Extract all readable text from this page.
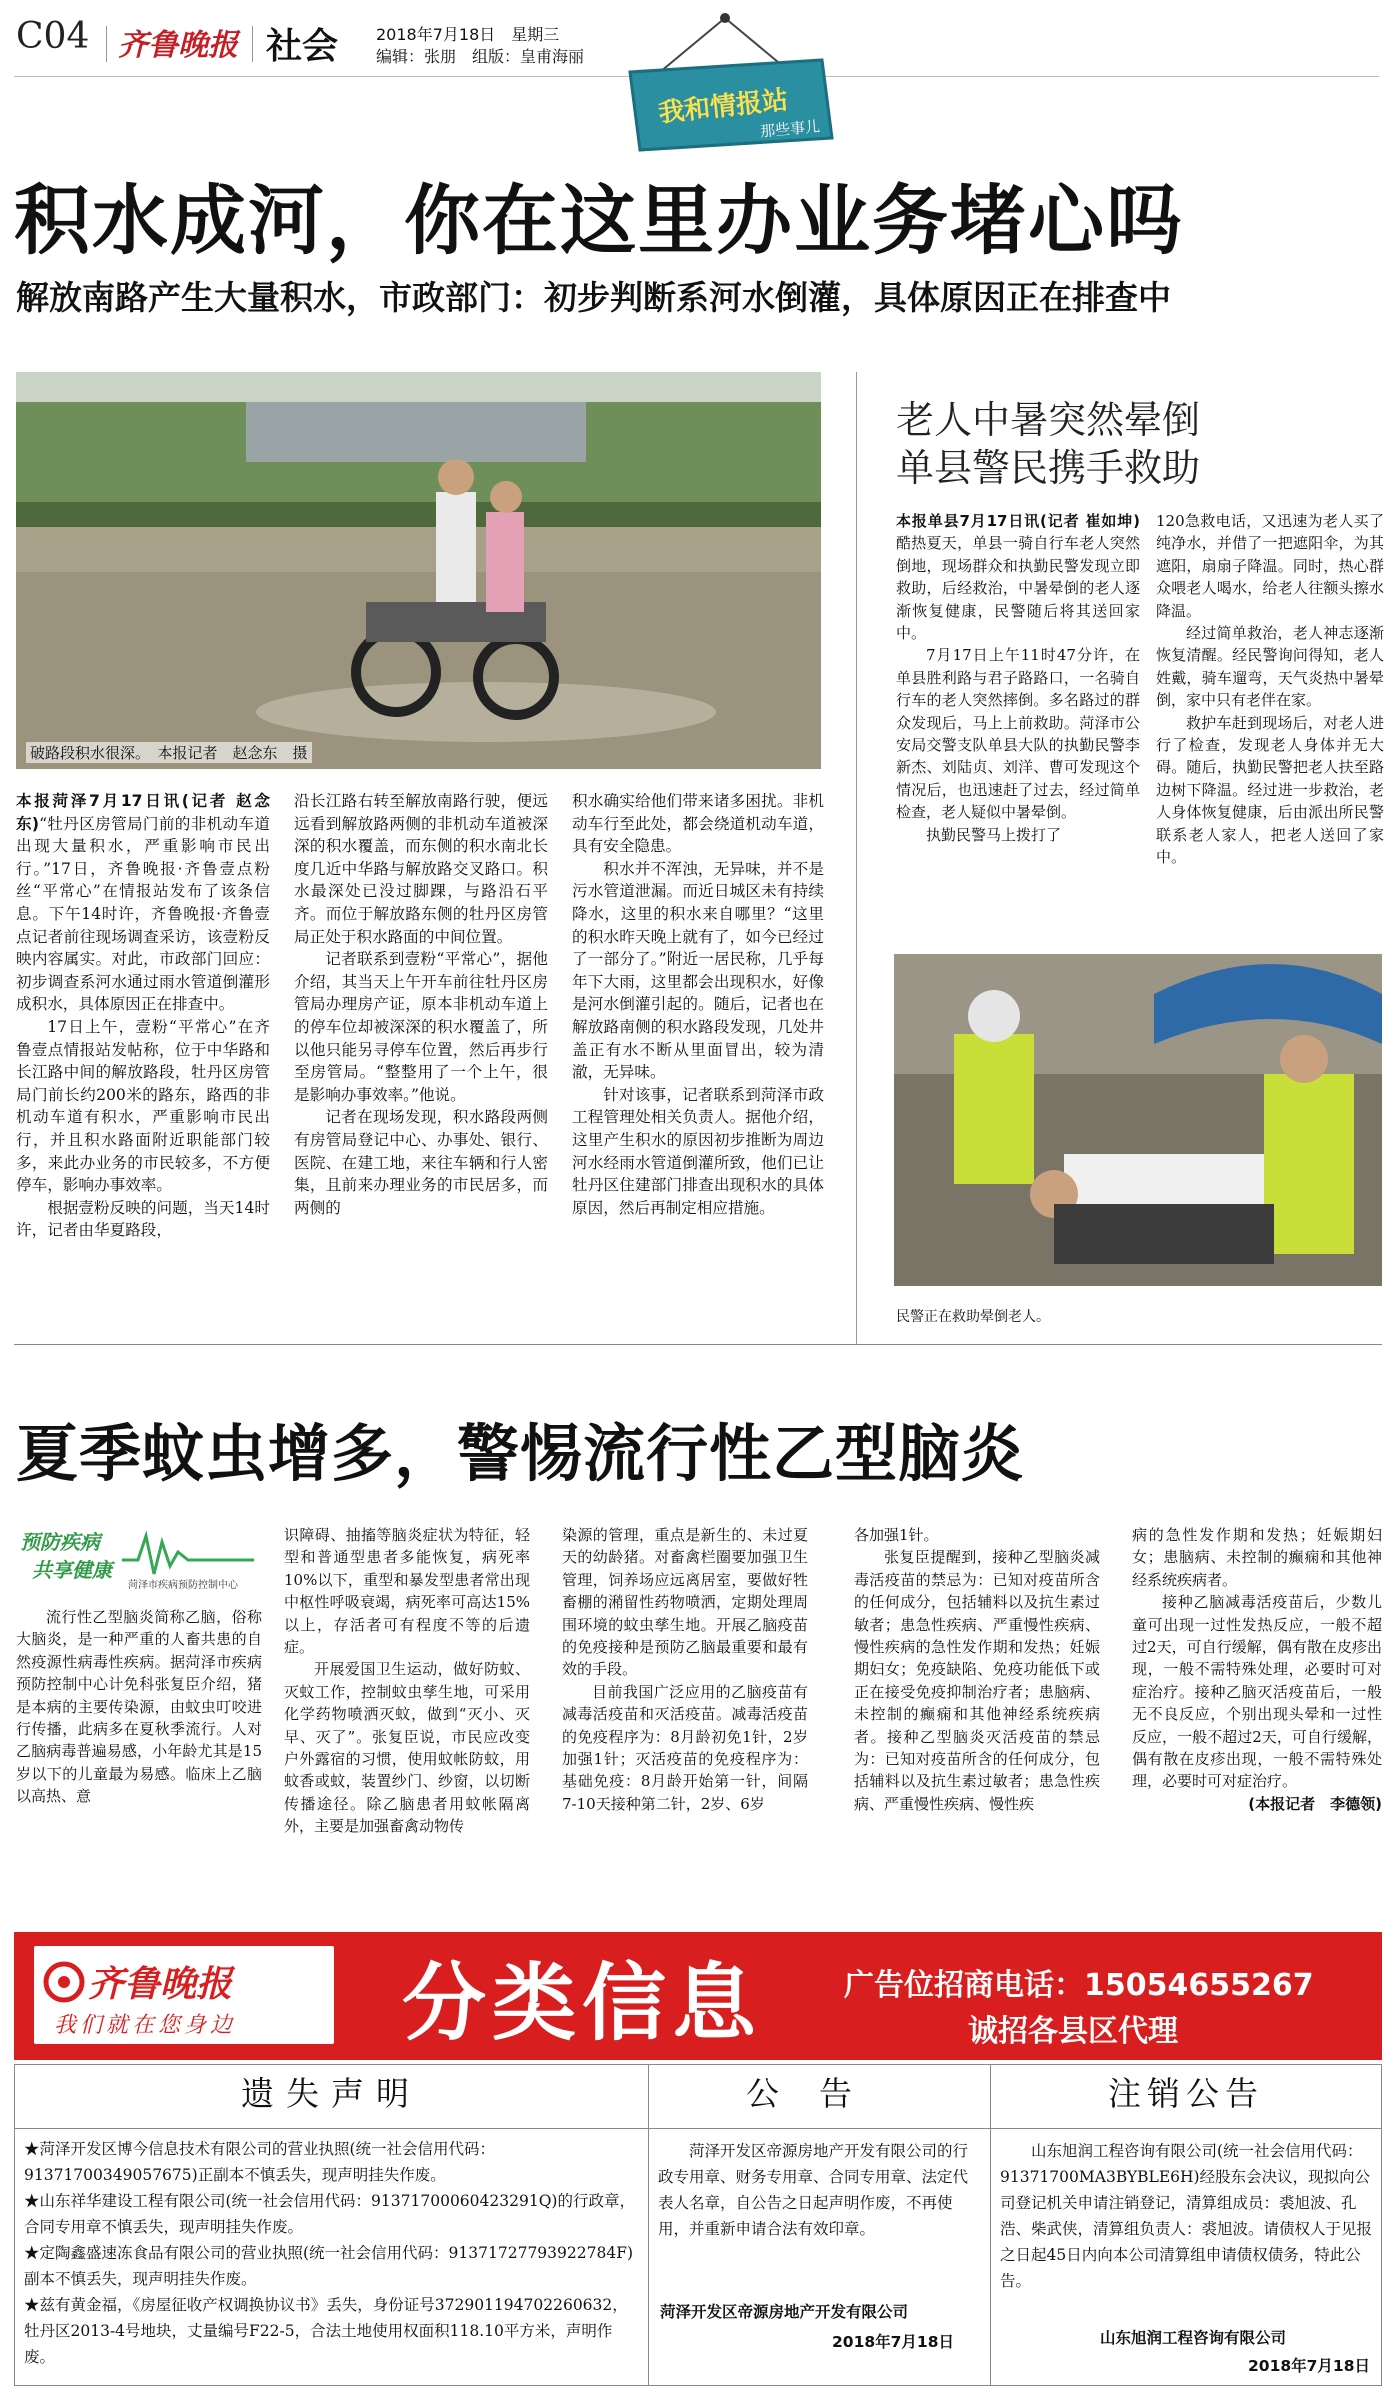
C04 齐鲁晚报 社会 2018年7月18日　星期三
编辑：张朋　组版：皇甫海丽
我和情报站
那些事儿
积水成河，你在这里办业务堵心吗
解放南路产生大量积水，市政部门：初步判断系河水倒灌，具体原因正在排查中
破路段积水很深。　本报记者　赵念东　摄

本报菏泽7月17日讯(记者 赵念东)“牡丹区房管局门前的非机动车道出现大量积水，严重影响市民出行。”17日，齐鲁晚报·齐鲁壹点粉丝“平常心”在情报站发布了该条信息。下午14时许，齐鲁晚报·齐鲁壹点记者前往现场调查采访，该壹粉反映内容属实。对此，市政部门回应：初步调查系河水通过雨水管道倒灌形成积水，具体原因正在排查中。

17日上午，壹粉“平常心”在齐鲁壹点情报站发帖称，位于中华路和长江路中间的解放路段，牡丹区房管局门前长约200米的路东，路西的非机动车道有积水，严重影响市民出行，并且积水路面附近职能部门较多，来此办业务的市民较多，不方便停车，影响办事效率。

根据壹粉反映的问题，当天14时许，记者由华夏路段，

沿长江路右转至解放南路行驶，便远远看到解放路两侧的非机动车道被深深的积水覆盖，而东侧的积水南北长度几近中华路与解放路交叉路口。积水最深处已没过脚踝，与路沿石平齐。而位于解放路东侧的牡丹区房管局正处于积水路面的中间位置。

记者联系到壹粉“平常心”，据他介绍，其当天上午开车前往牡丹区房管局办理房产证，原本非机动车道上的停车位却被深深的积水覆盖了，所以他只能另寻停车位置，然后再步行至房管局。“整整用了一个上午，很是影响办事效率。”他说。

记者在现场发现，积水路段两侧有房管局登记中心、办事处、银行、医院、在建工地，来往车辆和行人密集，且前来办理业务的市民居多，而两侧的

积水确实给他们带来诸多困扰。非机动车行至此处，都会绕道机动车道，具有安全隐患。

积水并不浑浊，无异味，并不是污水管道泄漏。而近日城区未有持续降水，这里的积水来自哪里？“这里的积水昨天晚上就有了，如今已经过了一部分了。”附近一居民称，几乎每年下大雨，这里都会出现积水，好像是河水倒灌引起的。随后，记者也在解放路南侧的积水路段发现，几处井盖正有水不断从里面冒出，较为清澈，无异味。

针对该事，记者联系到菏泽市政工程管理处相关负责人。据他介绍，这里产生积水的原因初步推断为周边河水经雨水管道倒灌所致，他们已让牡丹区住建部门排查出现积水的具体原因，然后再制定相应措施。

老人中暑突然晕倒
单县警民携手救助

本报单县7月17日讯(记者 崔如坤)酷热夏天，单县一骑自行车老人突然倒地，现场群众和执勤民警发现立即救助，后经救治，中暑晕倒的老人逐渐恢复健康，民警随后将其送回家中。

7月17日上午11时47分许，在单县胜利路与君子路路口，一名骑自行车的老人突然摔倒。多名路过的群众发现后，马上上前救助。菏泽市公安局交警支队单县大队的执勤民警李新杰、刘陆贞、刘洋、曹可发现这个情况后，也迅速赶了过去，经过简单检查，老人疑似中暑晕倒。

执勤民警马上拨打了

120急救电话，又迅速为老人买了纯净水，并借了一把遮阳伞，为其遮阳，扇扇子降温。同时，热心群众喂老人喝水，给老人往额头擦水降温。

经过简单救治，老人神志逐渐恢复清醒。经民警询问得知，老人姓戴，骑车遛弯，天气炎热中暑晕倒，家中只有老伴在家。

救护车赶到现场后，对老人进行了检查，发现老人身体并无大碍。随后，执勤民警把老人扶至路边树下降温。经过进一步救治，老人身体恢复健康，后由派出所民警联系老人家人，把老人送回了家中。

民警正在救助晕倒老人。
夏季蚊虫增多，警惕流行性乙型脑炎
预防疾病
共享健康
菏泽市疾病预防控制中心

流行性乙型脑炎简称乙脑，俗称大脑炎，是一种严重的人畜共患的自然疫源性病毒性疾病。据菏泽市疾病预防控制中心计免科张复臣介绍，猪是本病的主要传染源，由蚊虫叮咬进行传播，此病多在夏秋季流行。人对乙脑病毒普遍易感，小年龄尤其是15岁以下的儿童最为易感。临床上乙脑以高热、意

识障碍、抽搐等脑炎症状为特征，轻型和普通型患者多能恢复，病死率10%以下，重型和暴发型患者常出现中枢性呼吸衰竭，病死率可高达15%以上，存活者可有程度不等的后遗症。

开展爱国卫生运动，做好防蚊、灭蚊工作，控制蚊虫孳生地，可采用化学药物喷洒灭蚊，做到“灭小、灭早、灭了”。张复臣说，市民应改变户外露宿的习惯，使用蚊帐防蚊，用蚊香或蚊，装置纱门、纱窗，以切断传播途径。除乙脑患者用蚊帐隔离外，主要是加强畜禽动物传

染源的管理，重点是新生的、未过夏天的幼龄猪。对畜禽栏圈要加强卫生管理，饲养场应远离居室，要做好牲畜棚的潲留性药物喷洒，定期处理周围环境的蚊虫孳生地。开展乙脑疫苗的免疫接种是预防乙脑最重要和最有效的手段。

目前我国广泛应用的乙脑疫苗有减毒活疫苗和灭活疫苗。减毒活疫苗的免疫程序为：8月龄初免1针，2岁加强1针；灭活疫苗的免疫程序为：基础免疫：8月龄开始第一针，间隔7-10天接种第二针，2岁、6岁

各加强1针。

张复臣提醒到，接种乙型脑炎减毒活疫苗的禁忌为：已知对疫苗所含的任何成分，包括辅料以及抗生素过敏者；患急性疾病、严重慢性疾病、慢性疾病的急性发作期和发热；妊娠期妇女；免疫缺陷、免疫功能低下或正在接受免疫抑制治疗者；患脑病、未控制的癫痫和其他神经系统疾病者。接种乙型脑炎灭活疫苗的禁忌为：已知对疫苗所含的任何成分，包括辅料以及抗生素过敏者；患急性疾病、严重慢性疾病、慢性疾

病的急性发作期和发热；妊娠期妇女；患脑病、未控制的癫痫和其他神经系统疾病者。

接种乙脑减毒活疫苗后，少数儿童可出现一过性发热反应，一般不超过2天，可自行缓解，偶有散在皮疹出现，一般不需特殊处理，必要时可对症治疗。接种乙脑灭活疫苗后，一般无不良反应，个别出现头晕和一过性反应，一般不超过2天，可自行缓解，偶有散在皮疹出现，一般不需特殊处理，必要时可对症治疗。

(本报记者　李德领)

齐鲁晚报
我们就在您身边 分类信息	广告位招商电话：15054655267
诚招各县区代理
遗失声明

★菏泽开发区博今信息技术有限公司的营业执照(统一社会信用代码：91371700349057675)正副本不慎丢失，现声明挂失作废。

★山东祥华建设工程有限公司(统一社会信用代码：91371700060423291Q)的行政章，合同专用章不慎丢失，现声明挂失作废。

★定陶鑫盛速冻食品有限公司的营业执照(统一社会信用代码：91371727793922784F)副本不慎丢失，现声明挂失作废。

★兹有黄金福，《房屋征收产权调换协议书》丢失，身份证号372901194702260632，牡丹区2013-4号地块，丈量编号F22-5，合法土地使用权面积118.10平方米，声明作废。

公告

菏泽开发区帝源房地产开发有限公司的行政专用章、财务专用章、合同专用章、法定代表人名章，自公告之日起声明作废，不再使用，并重新申请合法有效印章。

菏泽开发区帝源房地产开发有限公司
2018年7月18日
注销公告

山东旭润工程咨询有限公司(统一社会信用代码：91371700MA3BYBLE6H)经股东会决议，现拟向公司登记机关申请注销登记，清算组成员：裘旭波、孔浩、柴武侠，清算组负责人：裘旭波。请债权人于见报之日起45日内向本公司清算组申请债权债务，特此公告。

山东旭润工程咨询有限公司
2018年7月18日
